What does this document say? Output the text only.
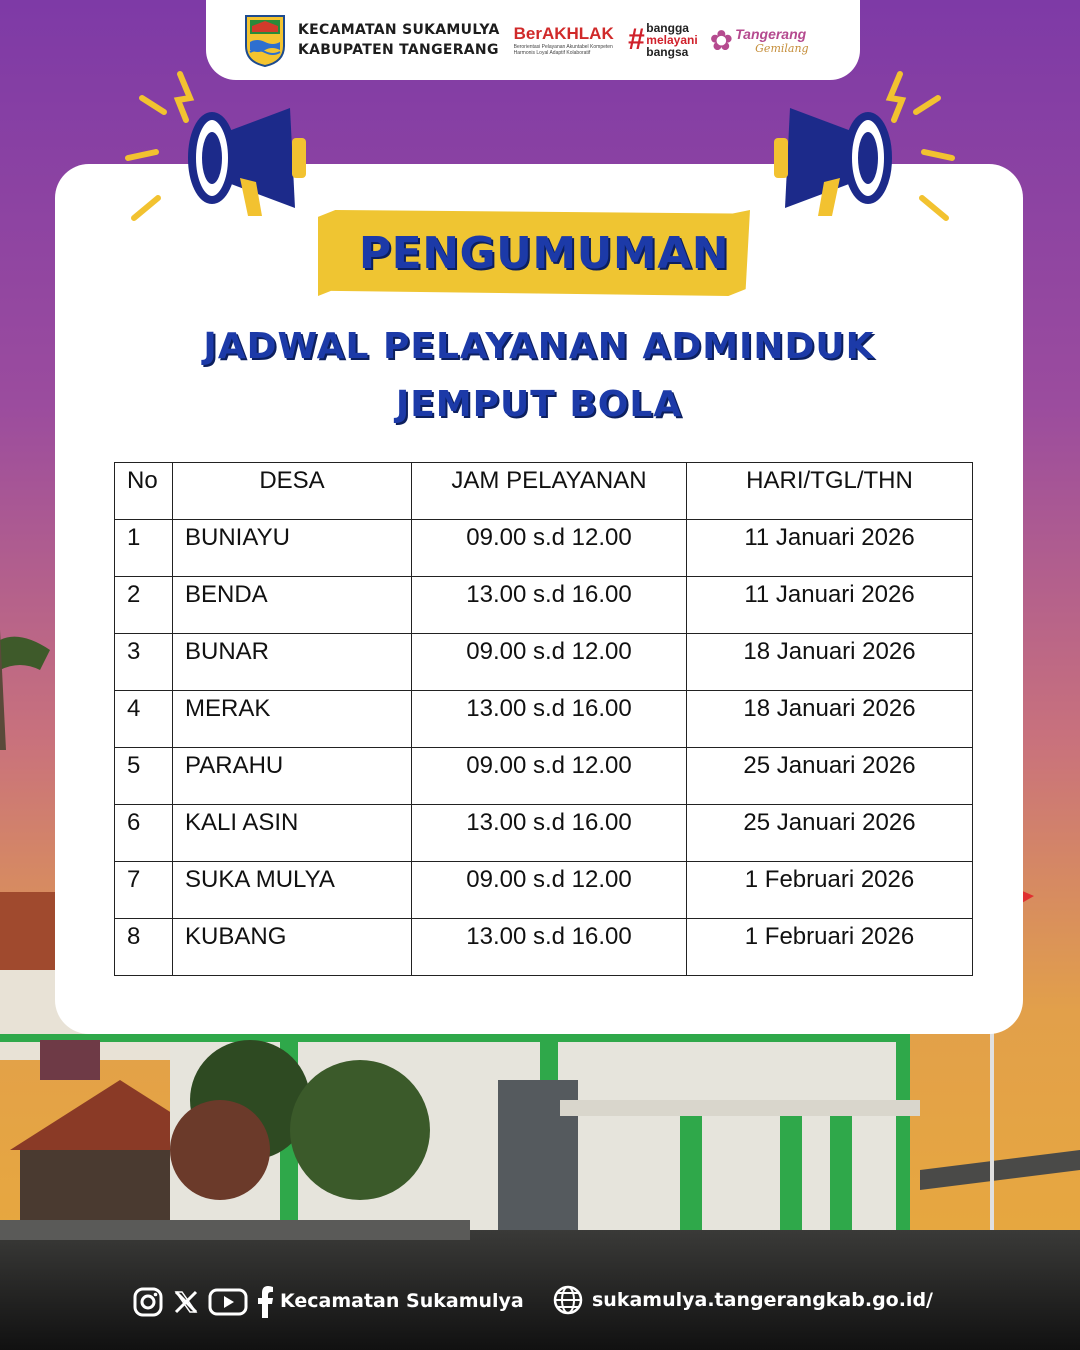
KECAMATAN SUKAMULYA
KABUPATEN TANGERANG
BerAKHLAK
Berorientasi Pelayanan Akuntabel Kompeten Harmonis Loyal Adaptif Kolaboratif	# bangga
melayani
bangsa ✿ Tangerang
Gemilang
PENGUMUMAN
JADWAL PELAYANAN ADMINDUK
JEMPUT BOLA
No	DESA	JAM PELAYANAN	HARI/TGL/THN
1	BUNIAYU	09.00 s.d 12.00	11 Januari 2026
2	BENDA	13.00 s.d 16.00	11 Januari 2026
3	BUNAR	09.00 s.d 12.00	18 Januari 2026
4	MERAK	13.00 s.d 16.00	18 Januari 2026
5	PARAHU	09.00 s.d 12.00	25 Januari 2026
6	KALI ASIN	13.00 s.d 16.00	25 Januari 2026
7	SUKA MULYA	09.00 s.d 12.00	1 Februari 2026
8	KUBANG	13.00 s.d 16.00	1 Februari 2026
Kecamatan Sukamulya	sukamulya.tangerangkab.go.id/
